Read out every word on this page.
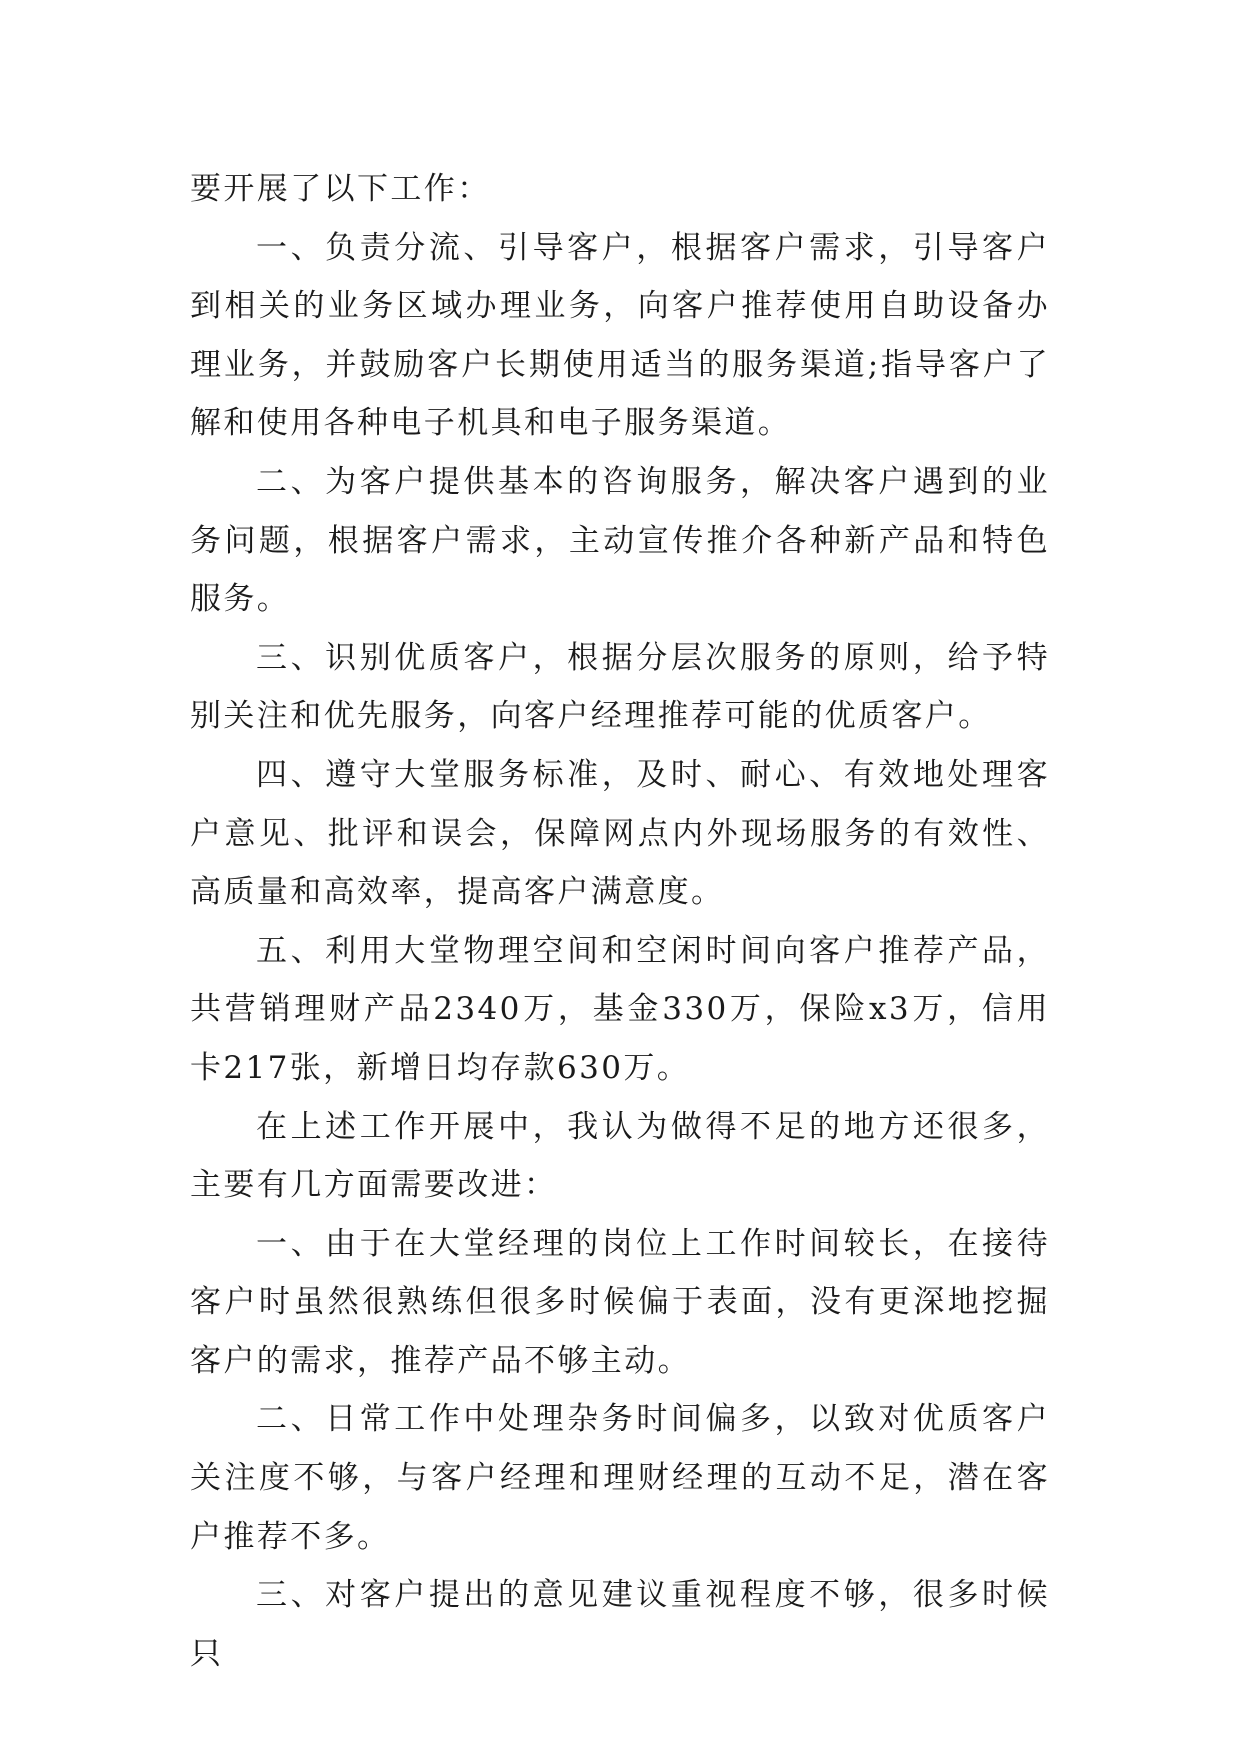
要开展了以下工作：

一、负责分流、引导客户，根据客户需求，引导客户到相关的业务区域办理业务，向客户推荐使用自助设备办理业务，并鼓励客户长期使用适当的服务渠道;指导客户了解和使用各种电子机具和电子服务渠道。

二、为客户提供基本的咨询服务，解决客户遇到的业务问题，根据客户需求，主动宣传推介各种新产品和特色服务。

三、识别优质客户，根据分层次服务的原则，给予特别关注和优先服务，向客户经理推荐可能的优质客户。

四、遵守大堂服务标准，及时、耐心、有效地处理客户意见、批评和误会，保障网点内外现场服务的有效性、高质量和高效率，提高客户满意度。

五、利用大堂物理空间和空闲时间向客户推荐产品，共营销理财产品2340万，基金330万，保险x3万，信用卡217张，新增日均存款630万。

在上述工作开展中，我认为做得不足的地方还很多，主要有几方面需要改进：

一、由于在大堂经理的岗位上工作时间较长，在接待客户时虽然很熟练但很多时候偏于表面，没有更深地挖掘客户的需求，推荐产品不够主动。

二、日常工作中处理杂务时间偏多，以致对优质客户关注度不够，与客户经理和理财经理的互动不足，潜在客户推荐不多。

三、对客户提出的意见建议重视程度不够，很多时候只
